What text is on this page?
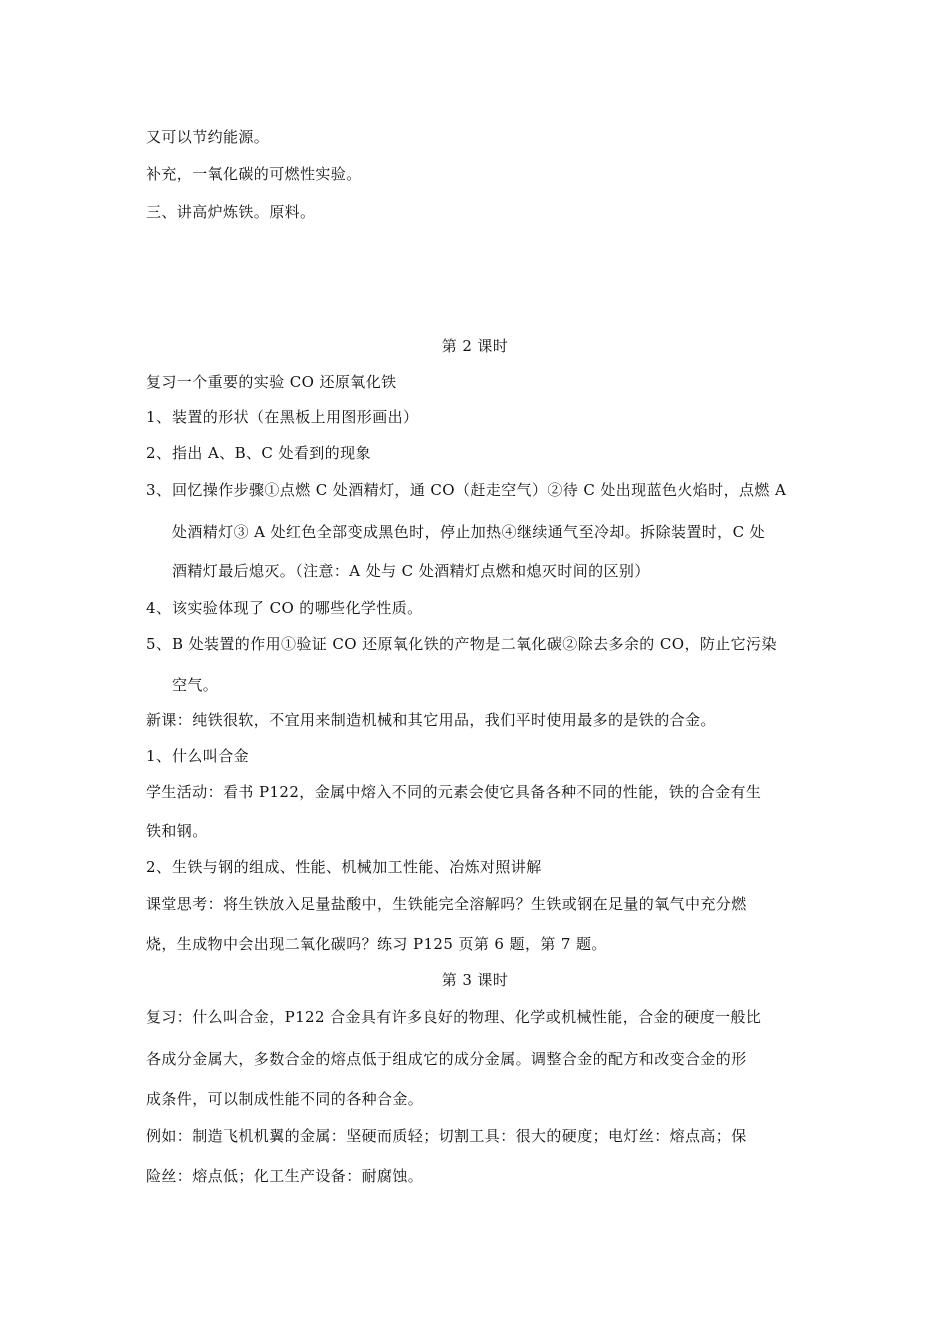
又可以节约能源。

补充，一氧化碳的可燃性实验。

三、讲高炉炼铁。原料。

第 2 课时

复习一个重要的实验 CO 还原氧化铁

1、 装置的形状（在黑板上用图形画出）

2、 指出 A、B、C 处看到的现象

3、 回忆操作步骤①点燃 C 处酒精灯，通 CO（赶走空气）②待 C 处出现蓝色火焰时，点燃 A

处酒精灯③ A 处红色全部变成黑色时，停止加热④继续通气至冷却。拆除装置时，C 处

酒精灯最后熄灭。（注意：A 处与 C 处酒精灯点燃和熄灭时间的区别）

4、 该实验体现了 CO 的哪些化学性质。

5、 B 处装置的作用①验证 CO 还原氧化铁的产物是二氧化碳②除去多余的 CO，防止它污染

空气。

新课：纯铁很软，不宜用来制造机械和其它用品，我们平时使用最多的是铁的合金。

1、 什么叫合金

学生活动：看书 P122，金属中熔入不同的元素会使它具备各种不同的性能，铁的合金有生

铁和钢。

2、 生铁与钢的组成、性能、机械加工性能、冶炼对照讲解

课堂思考：将生铁放入足量盐酸中，生铁能完全溶解吗？生铁或钢在足量的氧气中充分燃

烧，生成物中会出现二氧化碳吗？练习 P125 页第 6 题，第 7 题。

第 3 课时

复习：什么叫合金，P122 合金具有许多良好的物理、化学或机械性能，合金的硬度一般比

各成分金属大，多数合金的熔点低于组成它的成分金属。调整合金的配方和改变合金的形

成条件，可以制成性能不同的各种合金。

例如：制造飞机机翼的金属：坚硬而质轻；切割工具：很大的硬度；电灯丝：熔点高；保

险丝：熔点低；化工生产设备：耐腐蚀。
